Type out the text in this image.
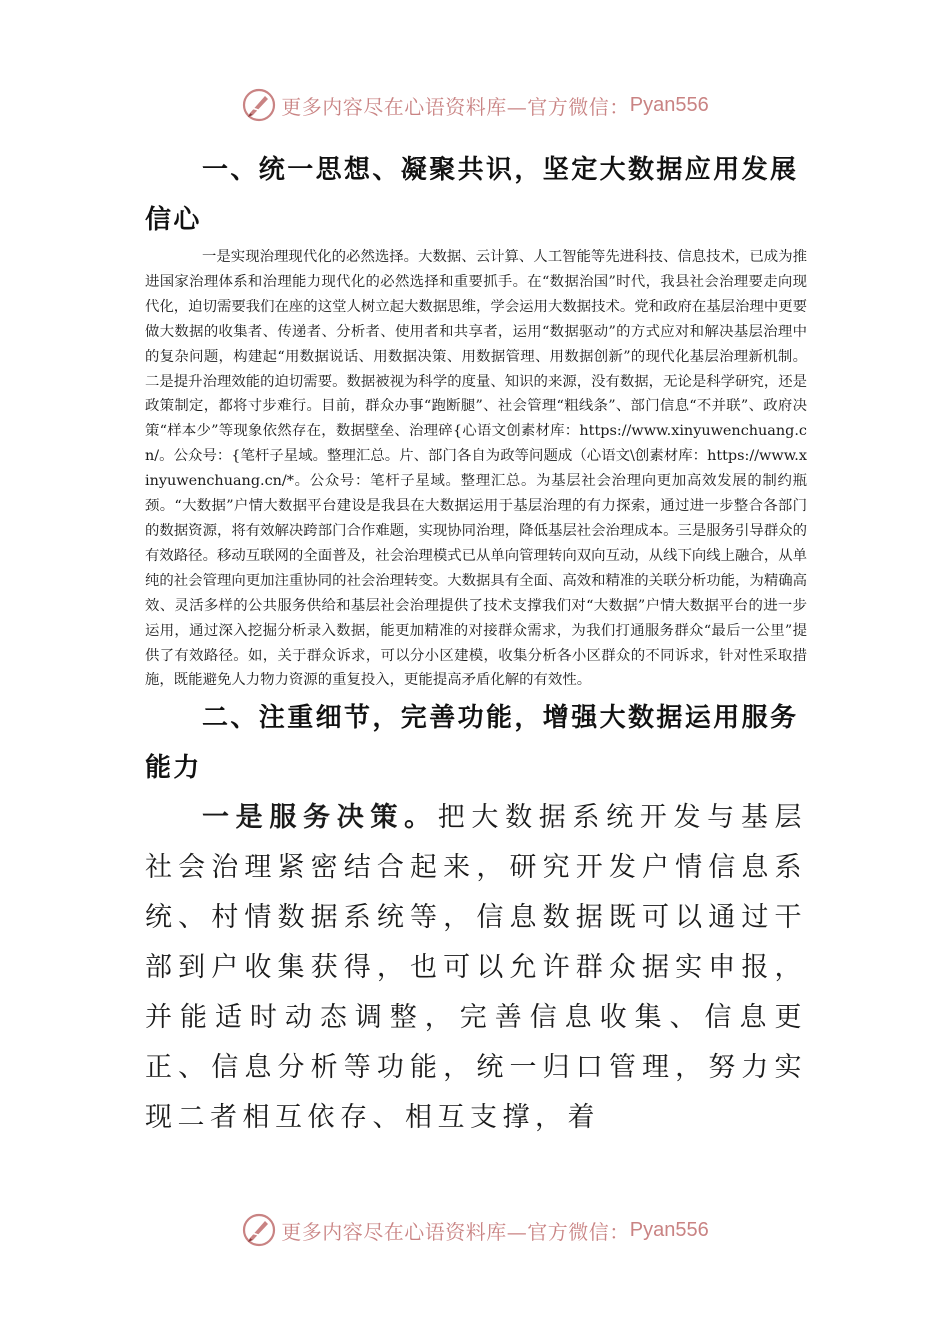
更多内容尽在心语资料库—官方微信： Pyan556
一、统一思想、凝聚共识，坚定大数据应用发展信心

一是实现治理现代化的必然选择。大数据、云计算、人工智能等先进科技、信息技术，已成为推进国家治理体系和治理能力现代化的必然选择和重要抓手。在“数据治国”时代，我县社会治理要走向现代化，迫切需要我们在座的这堂人树立起大数据思维，学会运用大数据技术。党和政府在基层治理中更要做大数据的收集者、传递者、分析者、使用者和共享者，运用“数据驱动”的方式应对和解决基层治理中的复杂问题，构建起“用数据说话、用数据决策、用数据管理、用数据创新”的现代化基层治理新机制。二是提升治理效能的迫切需要。数据被视为科学的度量、知识的来源，没有数据，无论是科学研究，还是政策制定，都将寸步难行。目前，群众办事“跑断腿”、社会管理“粗线条”、部门信息“不并联”、政府决策“样本少”等现象依然存在，数据壁垒、治理碎{心语文创素材库：https://www.xinyuwenchuang.cn/。公众号：{笔杆子星域。整理汇总。片、部门各自为政等问题成（心语文\创素材库：https://www.xinyuwenchuang.cn/*。公众号：笔杆子星域。整理汇总。为基层社会治理向更加高效发展的制约瓶颈。“大数据”户情大数据平台建设是我县在大数据运用于基层治理的有力探索，通过进一步整合各部门的数据资源，将有效解决跨部门合作难题，实现协同治理，降低基层社会治理成本。三是服务引导群众的有效路径。移动互联网的全面普及，社会治理模式已从单向管理转向双向互动，从线下向线上融合，从单纯的社会管理向更加注重协同的社会治理转变。大数据具有全面、高效和精准的关联分析功能，为精确高效、灵活多样的公共服务供给和基层社会治理提供了技术支撑我们对“大数据”户情大数据平台的进一步运用，通过深入挖掘分析录入数据，能更加精准的对接群众需求，为我们打通服务群众“最后一公里”提供了有效路径。如，关于群众诉求，可以分小区建模，收集分析各小区群众的不同诉求，针对性采取措施，既能避免人力物力资源的重复投入，更能提高矛盾化解的有效性。

二、注重细节，完善功能，增强大数据运用服务能力

一是服务决策。把大数据系统开发与基层社会治理紧密结合起来，研究开发户情信息系统、村情数据系统等，信息数据既可以通过干部到户收集获得，也可以允许群众据实申报，并能适时动态调整，完善信息收集、信息更正、信息分析等功能，统一归口管理，努力实现二者相互依存、相互支撑，着

更多内容尽在心语资料库—官方微信： Pyan556
